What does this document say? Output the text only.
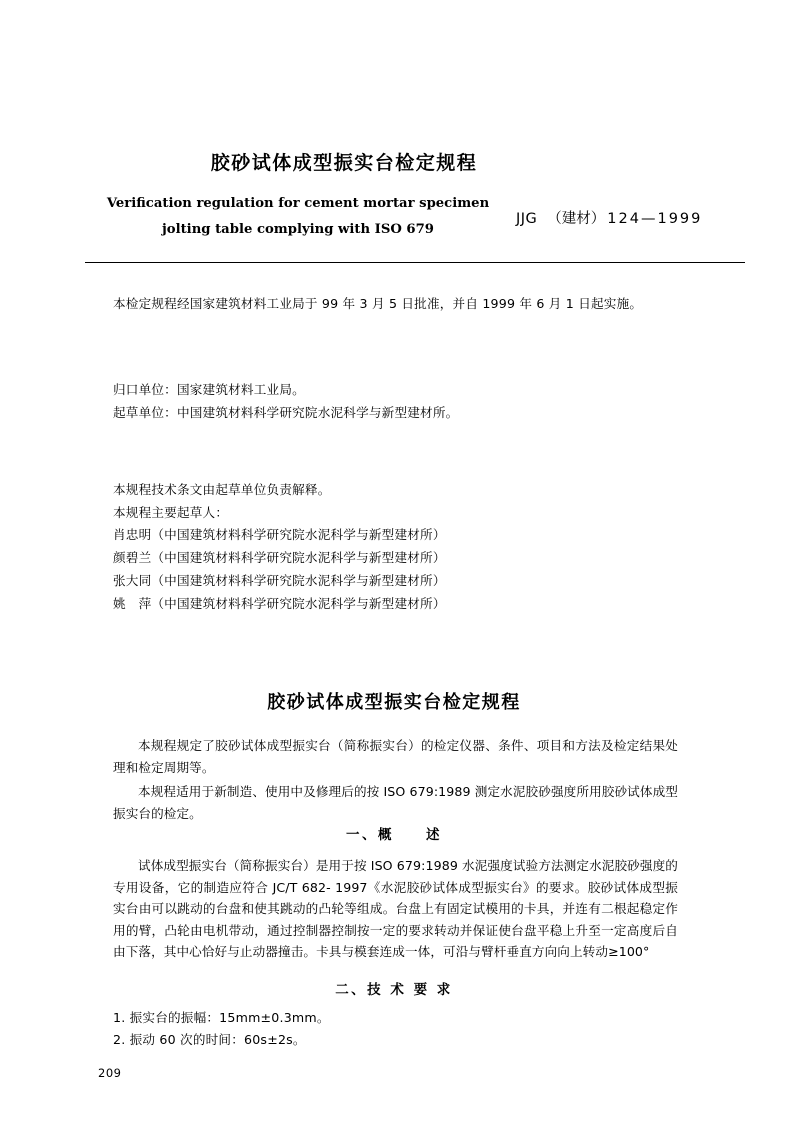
胶砂试体成型振实台检定规程
Verification regulation for cement mortar specimen
jolting table complying with ISO 679
JJG （建材） 124—1999
本检定规程经国家建筑材料工业局于 99 年 3 月 5 日批准，并自 1999 年 6 月 1 日起实施。
归口单位：国家建筑材料工业局。
起草单位：中国建筑材料科学研究院水泥科学与新型建材所。
本规程技术条文由起草单位负责解释。
本规程主要起草人：
肖忠明（中国建筑材料科学研究院水泥科学与新型建材所）
颜碧兰（中国建筑材料科学研究院水泥科学与新型建材所）
张大同（中国建筑材料科学研究院水泥科学与新型建材所）
姚　萍（中国建筑材料科学研究院水泥科学与新型建材所）
胶砂试体成型振实台检定规程
本规程规定了胶砂试体成型振实台（简称振实台）的检定仪器、条件、项目和方法及检定结果处理和检定周期等。
本规程适用于新制造、使用中及修理后的按 ISO 679:1989 测定水泥胶砂强度所用胶砂试体成型振实台的检定。
一、概　　述
试体成型振实台（简称振实台）是用于按 ISO 679:1989 水泥强度试验方法测定水泥胶砂强度的专用设备，它的制造应符合 JC/T 682- 1997《水泥胶砂试体成型振实台》的要求。胶砂试体成型振实台由可以跳动的台盘和使其跳动的凸轮等组成。台盘上有固定试模用的卡具，并连有二根起稳定作用的臂，凸轮由电机带动，通过控制器控制按一定的要求转动并保证使台盘平稳上升至一定高度后自由下落，其中心恰好与止动器撞击。卡具与模套连成一体，可沿与臂杆垂直方向向上转动≥100°
二、技 术 要 求
1. 振实台的振幅：15mm±0.3mm。
2. 振动 60 次的时间：60s±2s。
209
